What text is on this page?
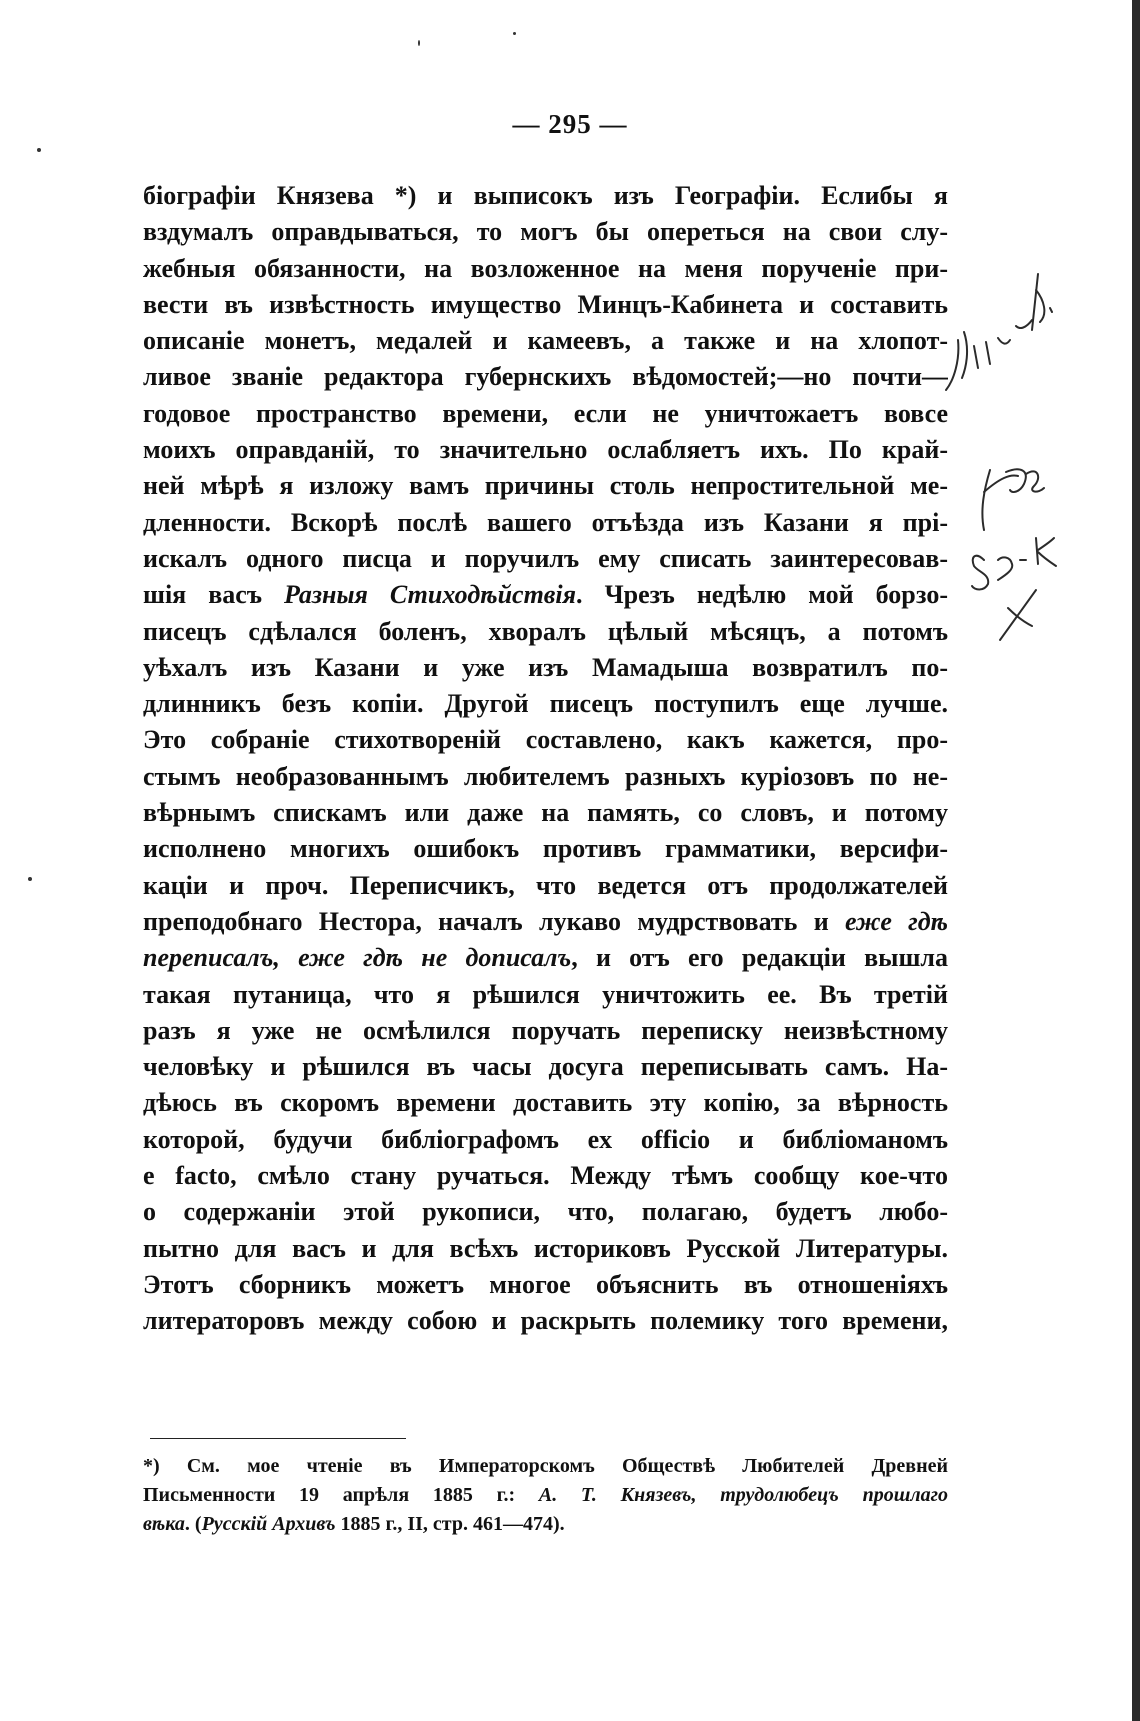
— 295 —
біографіи Князева *) и выписокъ изъ Географіи. Еслибы я
вздумалъ оправдываться, то могъ бы опереться на свои слу-
жебныя обязанности, на возложенное на меня порученіе при-
вести въ извѣстность имущество Минцъ-Кабинета и составить
описаніе монетъ, медалей и камеевъ, а также и на хлопот-
ливое званіе редактора губернскихъ вѣдомостей;—но почти—
годовое пространство времени, если не уничтожаетъ вовсе
моихъ оправданій, то значительно ослабляетъ ихъ. По край-
ней мѣрѣ я изложу вамъ причины столь непростительной ме-
дленности. Вскорѣ послѣ вашего отъѣзда изъ Казани я прі-
искалъ одного писца и поручилъ ему списать заинтересовав-
шія васъ Разныя Стиходѣйствія. Чрезъ недѣлю мой борзо-
писецъ сдѣлался боленъ, хворалъ цѣлый мѣсяцъ, а потомъ
уѣхалъ изъ Казани и уже изъ Мамадыша возвратилъ по-
длинникъ безъ копіи. Другой писецъ поступилъ еще лучше.
Это собраніе стихотвореній составлено, какъ кажется, про-
стымъ необразованнымъ любителемъ разныхъ куріозовъ по не-
вѣрнымъ спискамъ или даже на память, со словъ, и потому
исполнено многихъ ошибокъ противъ грамматики, версифи-
каціи и проч. Переписчикъ, что ведется отъ продолжателей
преподобнаго Нестора, началъ лукаво мудрствовать и еже гдѣ
переписалъ, еже гдѣ не дописалъ, и отъ его редакціи вышла
такая путаница, что я рѣшился уничтожить ее. Въ третій
разъ я уже не осмѣлился поручать переписку неизвѣстному
человѣку и рѣшился въ часы досуга переписывать самъ. На-
дѣюсь въ скоромъ времени доставить эту копію, за вѣрность
которой, будучи библіографомъ ex officio и библіоманомъ
e facto, смѣло стану ручаться. Между тѣмъ сообщу кое-что
о содержаніи этой рукописи, что, полагаю, будетъ любо-
пытно для васъ и для всѣхъ историковъ Русской Литературы.
Этотъ сборникъ можетъ многое объяснить въ отношеніяхъ
литераторовъ между собою и раскрыть полемику того времени,
*) См. мое чтеніе въ Императорскомъ Обществѣ Любителей Древней
Письменности 19 апрѣля 1885 г.: А. Т. Князевъ, трудолюбецъ прошлаго
вѣка. (Русскій Архивъ 1885 г., II, стр. 461—474).
